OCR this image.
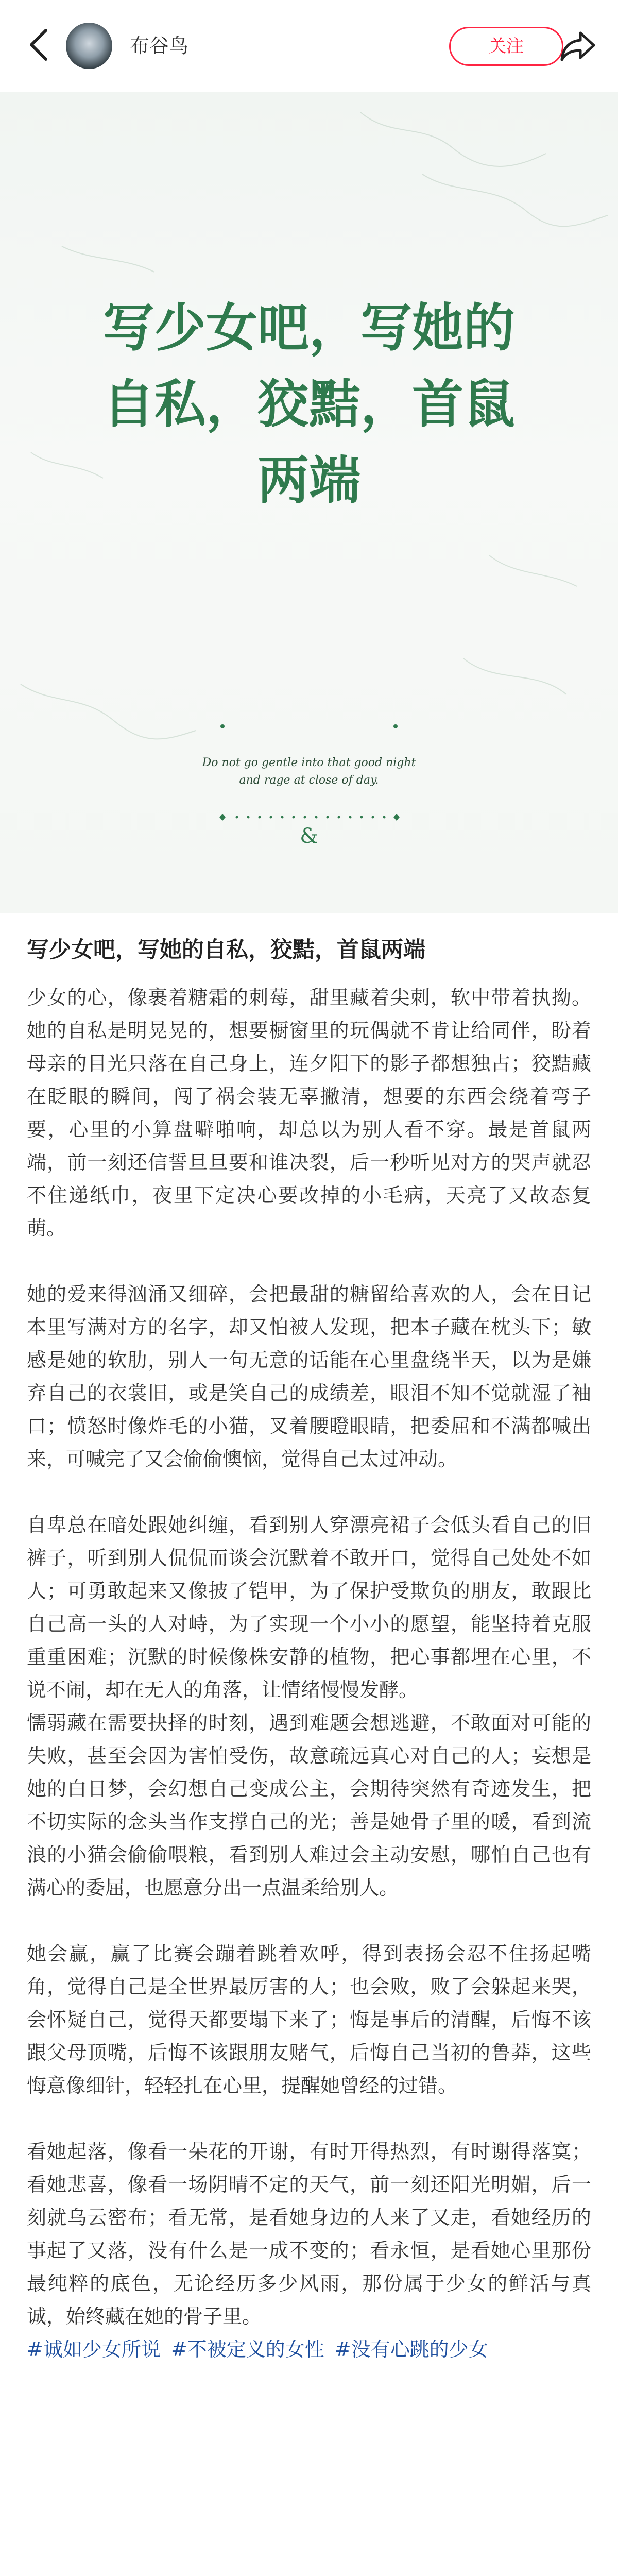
布谷鸟	关注
写少女吧，写她的
自私，狡黠，首鼠
两端
Do not go gentle into that good night
and rage at close of day.
&
写少女吧，写她的自私，狡黠，首鼠两端

少女的心，像裹着糖霜的刺莓，甜里藏着尖刺，软中带着执拗。她的自私是明晃晃的，想要橱窗里的玩偶就不肯让给同伴，盼着母亲的目光只落在自己身上，连夕阳下的影子都想独占；狡黠藏在眨眼的瞬间，闯了祸会装无辜撇清，想要的东西会绕着弯子要，心里的小算盘噼啪响，却总以为别人看不穿。最是首鼠两端，前一刻还信誓旦旦要和谁决裂，后一秒听见对方的哭声就忍不住递纸巾，夜里下定决心要改掉的小毛病，天亮了又故态复萌。

她的爱来得汹涌又细碎，会把最甜的糖留给喜欢的人，会在日记本里写满对方的名字，却又怕被人发现，把本子藏在枕头下；敏感是她的软肋，别人一句无意的话能在心里盘绕半天，以为是嫌弃自己的衣裳旧，或是笑自己的成绩差，眼泪不知不觉就湿了袖口；愤怒时像炸毛的小猫，叉着腰瞪眼睛，把委屈和不满都喊出来，可喊完了又会偷偷懊恼，觉得自己太过冲动。

自卑总在暗处跟她纠缠，看到别人穿漂亮裙子会低头看自己的旧裤子，听到别人侃侃而谈会沉默着不敢开口，觉得自己处处不如人；可勇敢起来又像披了铠甲，为了保护受欺负的朋友，敢跟比自己高一头的人对峙，为了实现一个小小的愿望，能坚持着克服重重困难；沉默的时候像株安静的植物，把心事都埋在心里，不说不闹，却在无人的角落，让情绪慢慢发酵。

懦弱藏在需要抉择的时刻，遇到难题会想逃避，不敢面对可能的失败，甚至会因为害怕受伤，故意疏远真心对自己的人；妄想是她的白日梦，会幻想自己变成公主，会期待突然有奇迹发生，把不切实际的念头当作支撑自己的光；善是她骨子里的暖，看到流浪的小猫会偷偷喂粮，看到别人难过会主动安慰，哪怕自己也有满心的委屈，也愿意分出一点温柔给别人。

她会赢，赢了比赛会蹦着跳着欢呼，得到表扬会忍不住扬起嘴角，觉得自己是全世界最厉害的人；也会败，败了会躲起来哭，会怀疑自己，觉得天都要塌下来了；悔是事后的清醒，后悔不该跟父母顶嘴，后悔不该跟朋友赌气，后悔自己当初的鲁莽，这些悔意像细针，轻轻扎在心里，提醒她曾经的过错。

看她起落，像看一朵花的开谢，有时开得热烈，有时谢得落寞；看她悲喜，像看一场阴晴不定的天气，前一刻还阳光明媚，后一刻就乌云密布；看无常，是看她身边的人来了又走，看她经历的事起了又落，没有什么是一成不变的；看永恒，是看她心里那份最纯粹的底色，无论经历多少风雨，那份属于少女的鲜活与真诚，始终藏在她的骨子里。

#诚如少女所说 #不被定义的女性 #没有心跳的少女
